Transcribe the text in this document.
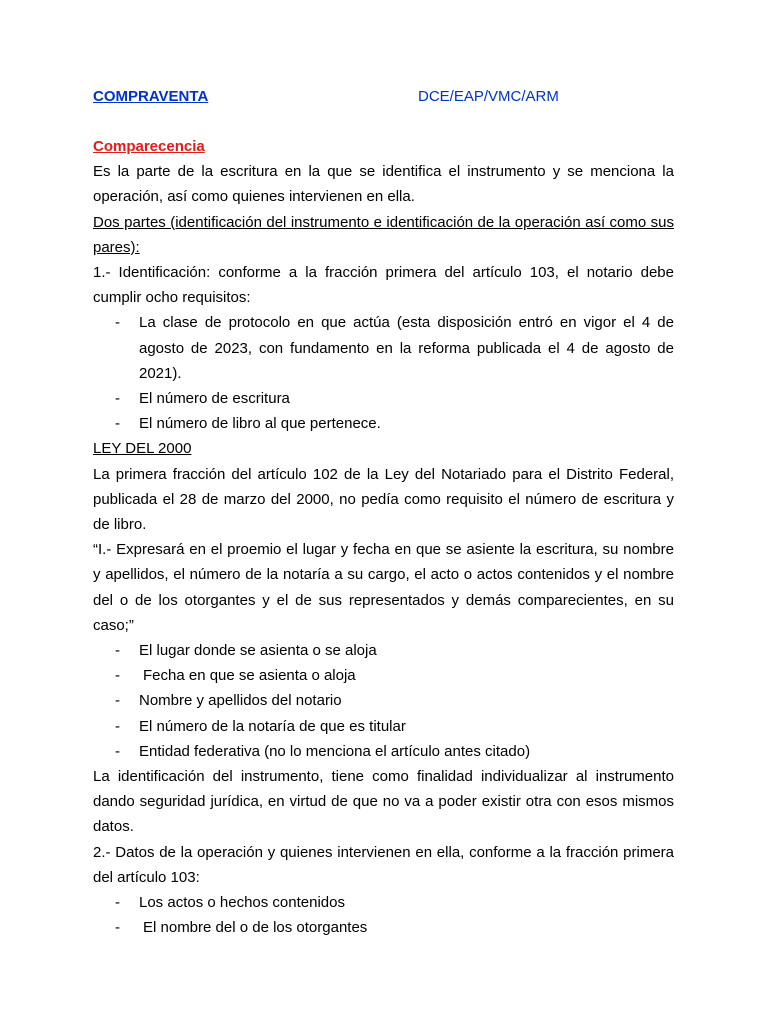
COMPRAVENTA	DCE/EAP/VMC/ARM
Comparecencia

Es la parte de la escritura en la que se identifica el instrumento y se menciona la operación, así como quienes intervienen en ella.

Dos partes (identificación del instrumento e identificación de la operación así como sus pares):

1.- Identificación: conforme a la fracción primera del artículo 103, el notario debe cumplir ocho requisitos:

- La clase de protocolo en que actúa (esta disposición entró en vigor el 4 de agosto de 2023, con fundamento en la reforma publicada el 4 de agosto de 2021).
- El número de escritura
- El número de libro al que pertenece.

LEY DEL 2000

La primera fracción del artículo 102 de la Ley del Notariado para el Distrito Federal, publicada el 28 de marzo del 2000, no pedía como requisito el número de escritura y de libro.

“I.- Expresará en el proemio el lugar y fecha en que se asiente la escritura, su nombre y apellidos, el número de la notaría a su cargo, el acto o actos contenidos y el nombre del o de los otorgantes y el de sus representados y demás comparecientes, en su caso;”

- El lugar donde se asienta o se aloja
- Fecha en que se asienta o aloja
- Nombre y apellidos del notario
- El número de la notaría de que es titular
- Entidad federativa (no lo menciona el artículo antes citado)

La identificación del instrumento, tiene como finalidad individualizar al instrumento dando seguridad jurídica, en virtud de que no va a poder existir otra con esos mismos datos.

2.- Datos de la operación y quienes intervienen en ella, conforme a la fracción primera del artículo 103:

- Los actos o hechos contenidos
- El nombre del o de los otorgantes
